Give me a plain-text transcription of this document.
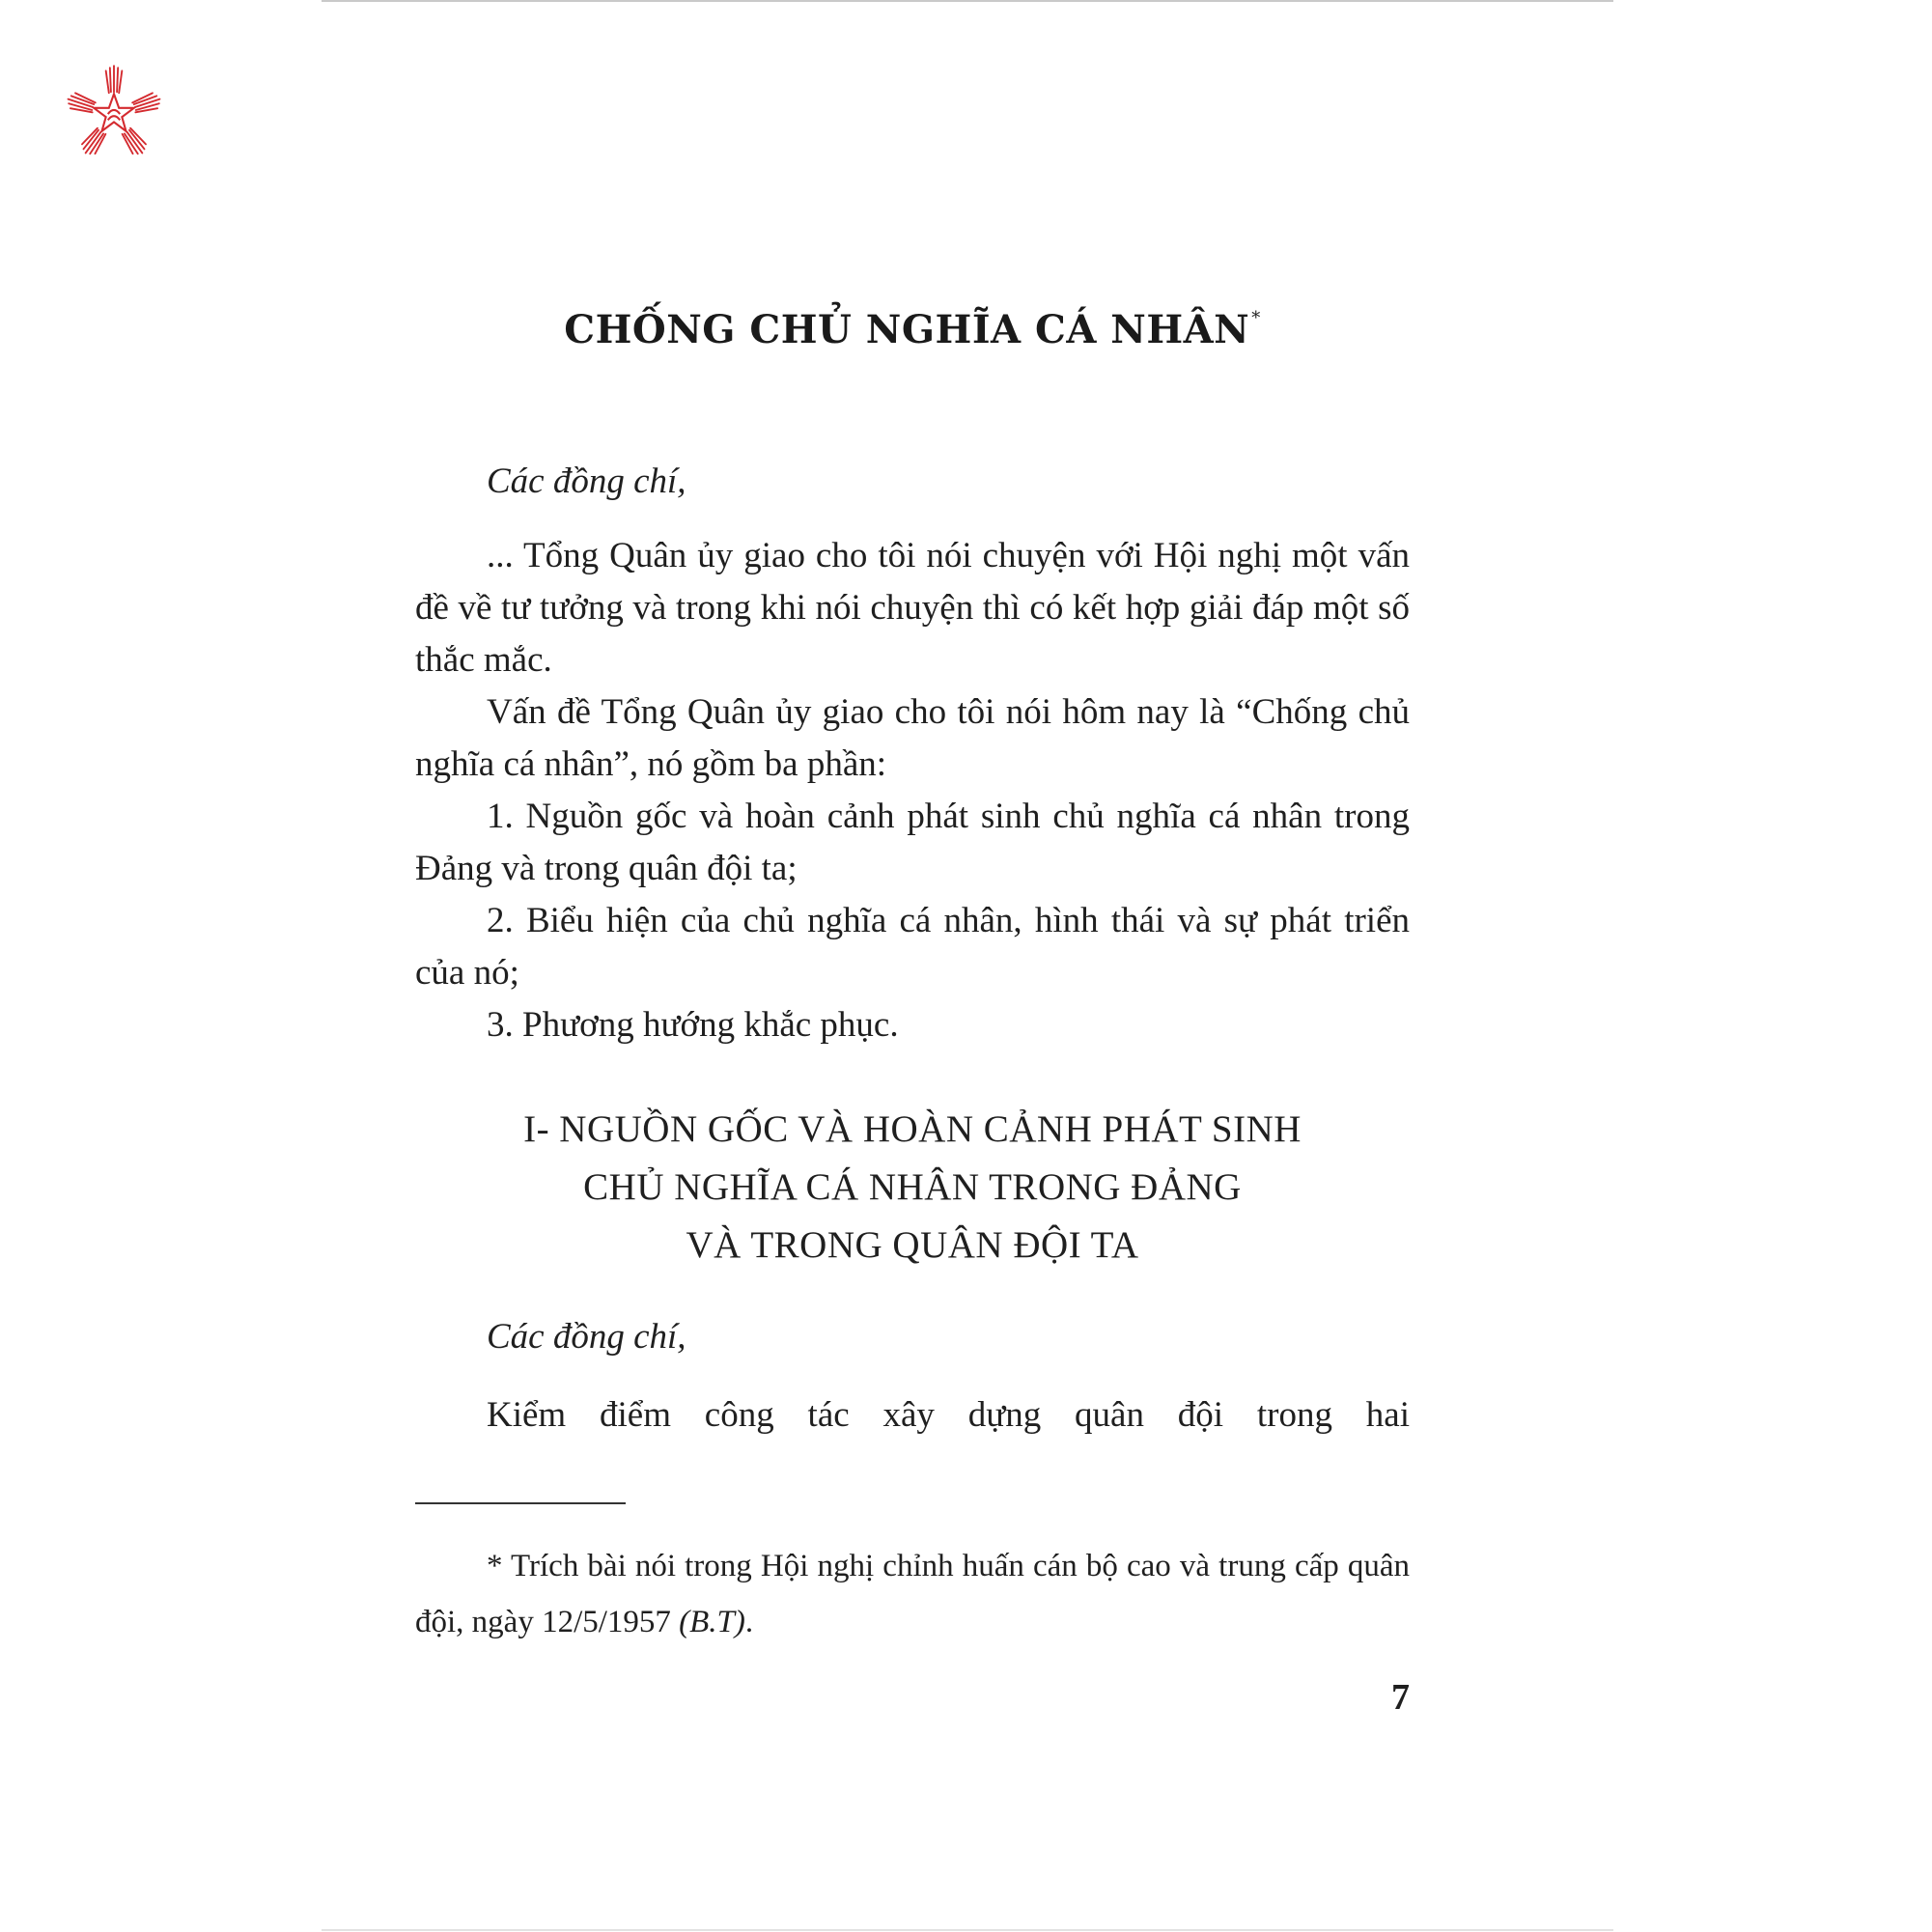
CHỐNG CHỦ NGHĨA CÁ NHÂN *

Các đồng chí,

... Tổng Quân ủy giao cho tôi nói chuyện với Hội nghị một vấn đề về tư tưởng và trong khi nói chuyện thì có kết hợp giải đáp một số thắc mắc.

Vấn đề Tổng Quân ủy giao cho tôi nói hôm nay là “Chống chủ nghĩa cá nhân”, nó gồm ba phần:

1. Nguồn gốc và hoàn cảnh phát sinh chủ nghĩa cá nhân trong Đảng và trong quân đội ta;

2. Biểu hiện của chủ nghĩa cá nhân, hình thái và sự phát triển của nó;

3. Phương hướng khắc phục.

I- NGUỒN GỐC VÀ HOÀN CẢNH PHÁT SINH
CHỦ NGHĨA CÁ NHÂN TRONG ĐẢNG
VÀ TRONG QUÂN ĐỘI TA

Các đồng chí,

Kiểm điểm công tác xây dựng quân đội trong hai

* Trích bài nói trong Hội nghị chỉnh huấn cán bộ cao và trung cấp quân đội, ngày 12/5/1957 (B.T).
7
